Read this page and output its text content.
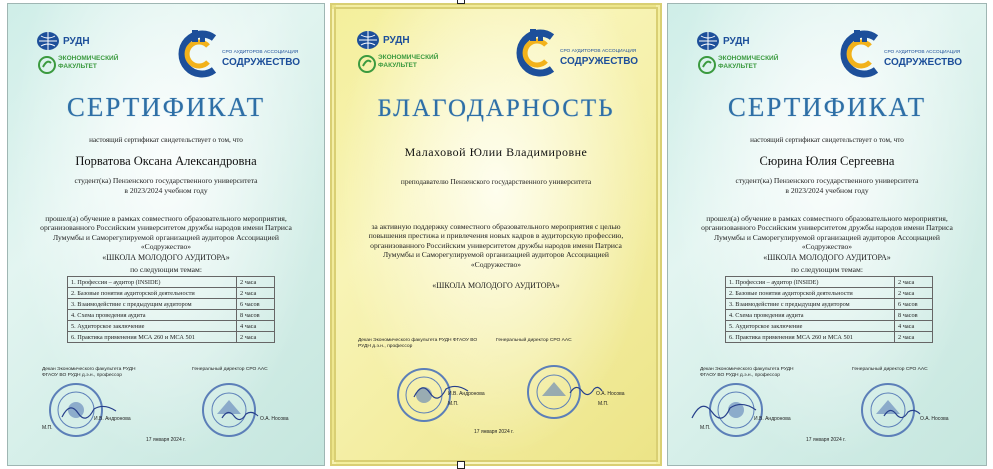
РУДН
ЭКОНОМИЧЕСКИЙ ФАКУЛЬТЕТ
СРО АУДИТОРОВ АССОЦИАЦИЯ
СОДРУЖЕСТВО
СЕРТИФИКАТ
настоящий сертификат свидетельствует о том, что
Порватова Оксана Александровна
студент(ка) Пензенского государственного университета
в 2023/2024 учебном году
прошел(а) обучение в рамках совместного образовательного мероприятия, организованного Российским университетом дружбы народов имени Патриса Лумумбы и Саморегулируемой организацией аудиторов Ассоциацией «Содружество»
«ШКОЛА МОЛОДОГО АУДИТОРА»
по следующим темам:
1. Профессия – аудитор (INSIDE)	2 часа
2. Базовые понятия аудиторской деятельности	2 часа
3. Взаимодействие с предыдущим аудитором	6 часов
4. Схема проведения аудита	8 часов
5. Аудиторское заключение	4 часа
6. Практика применения МСА 260 и МСА 501	2 часа
Декан Экономического факультета РУДН ФГАОУ ВО РУДН д.э.н., профессор
Генеральный директор СРО ААС
И.В. Андронова	О.А. Носова
М.П.
17 января 2024 г.
РУДН
ЭКОНОМИЧЕСКИЙ ФАКУЛЬТЕТ
СРО АУДИТОРОВ АССОЦИАЦИЯ
СОДРУЖЕСТВО
БЛАГОДАРНОСТЬ
Малаховой Юлии Владимировне
преподавателю Пензенского государственного университета
за активную поддержку совместного образовательного мероприятия с целью повышения престижа и привлечения новых кадров в аудиторскую профессию, организованного Российским университетом дружбы народов имени Патриса Лумумбы и Саморегулируемой организацией аудиторов Ассоциацией «Содружество»
«ШКОЛА МОЛОДОГО АУДИТОРА»
Декан Экономического факультета РУДН ФГАОУ ВО РУДН д.э.н., профессор
Генеральный директор СРО ААС
И.В. Андронова	О.А. Носова
М.П.	М.П.
17 января 2024 г.
РУДН
ЭКОНОМИЧЕСКИЙ ФАКУЛЬТЕТ
СРО АУДИТОРОВ АССОЦИАЦИЯ
СОДРУЖЕСТВО
СЕРТИФИКАТ
настоящий сертификат свидетельствует о том, что
Сюрина Юлия Сергеевна
студент(ка) Пензенского государственного университета
в 2023/2024 учебном году
прошел(а) обучение в рамках совместного образовательного мероприятия, организованного Российским университетом дружбы народов имени Патриса Лумумбы и Саморегулируемой организацией аудиторов Ассоциацией «Содружество»
«ШКОЛА МОЛОДОГО АУДИТОРА»
по следующим темам:
1. Профессия – аудитор (INSIDE)	2 часа
2. Базовые понятия аудиторской деятельности	2 часа
3. Взаимодействие с предыдущим аудитором	6 часов
4. Схема проведения аудита	8 часов
5. Аудиторское заключение	4 часа
6. Практика применения МСА 260 и МСА 501	2 часа
Декан Экономического факультета РУДН ФГАОУ ВО РУДН д.э.н., профессор
Генеральный директор СРО ААС
И.В. Андронова	О.А. Носова
М.П.
17 января 2024 г.
